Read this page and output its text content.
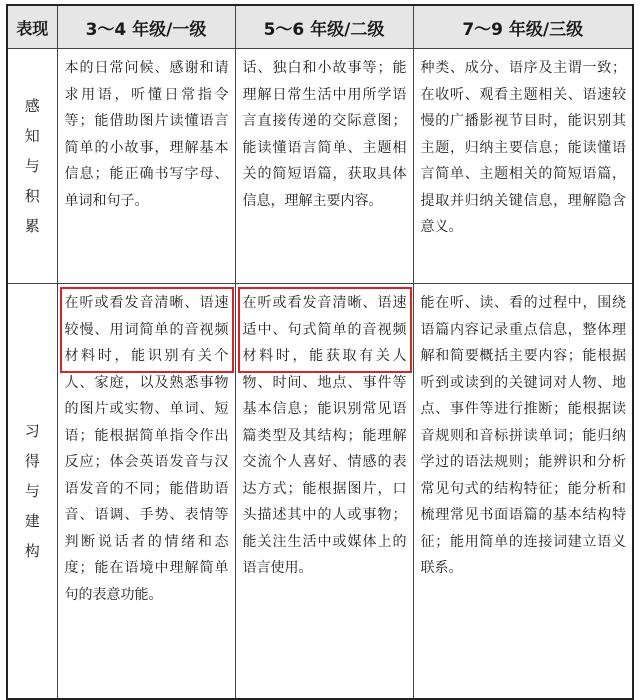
表现	3～4 年级/一级	5～6 年级/二级	7～9 年级/三级

感
知
与
积
累	本的日常问候、感谢和请求用语，听懂日常指令等；能借助图片读懂语言简单的小故事，理解基本信息；能正确书写字母、单词和句子。	话、独白和小故事等；能理解日常生活中用所学语言直接传递的交际意图；能读懂语言简单、主题相关的简短语篇，获取具体信息，理解主要内容。	种类、成分、语序及主谓一致；在收听、观看主题相关、语速较慢的广播影视节目时，能识别其主题，归纳主要信息；能读懂语言简单、主题相关的简短语篇，提取并归纳关键信息，理解隐含意义。

习
得
与
建
构	在听或看发音清晰、语速较慢、用词简单的音视频材料时，能识别有关个人、家庭，以及熟悉事物的图片或实物、单词、短语；能根据简单指令作出反应；体会英语发音与汉语发音的不同；能借助语音、语调、手势、表情等判断说话者的情绪和态度；能在语境中理解简单句的表意功能。	在听或看发音清晰、语速适中、句式简单的音视频材料时，能获取有关人物、时间、地点、事件等基本信息；能识别常见语篇类型及其结构；能理解交流个人喜好、情感的表达方式；能根据图片，口头描述其中的人或事物；能关注生活中或媒体上的语言使用。	能在听、读、看的过程中，围绕语篇内容记录重点信息，整体理解和简要概括主要内容；能根据听到或读到的关键词对人物、地点、事件等进行推断；能根据读音规则和音标拼读单词；能归纳学过的语法规则；能辨识和分析常见句式的结构特征；能分析和梳理常见书面语篇的基本结构特征；能用简单的连接词建立语义联系。
